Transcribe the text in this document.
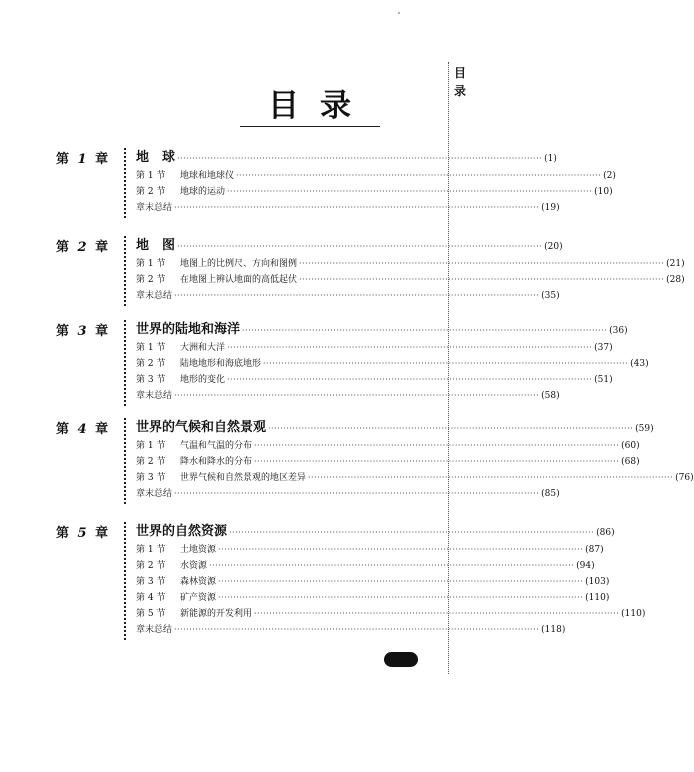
目
录
目 录
第 1 章 地　球 ························································································································ (1)
第 1 节	地球和地球仪 ························································································································ (2)
第 2 节	地球的运动 ························································································································ (10)
章末总结 ························································································································ (19)
第 2 章 地　图 ························································································································ (20)
第 1 节	地图上的比例尺、方向和图例 ························································································································ (21)
第 2 节	在地图上辨认地面的高低起伏 ························································································································ (28)
章末总结 ························································································································ (35)
第 3 章 世界的陆地和海洋 ························································································································ (36)
第 1 节	大洲和大洋 ························································································································ (37)
第 2 节	陆地地形和海底地形 ························································································································ (43)
第 3 节	地形的变化 ························································································································ (51)
章末总结 ························································································································ (58)
第 4 章 世界的气候和自然景观 ························································································································ (59)
第 1 节	气温和气温的分布 ························································································································ (60)
第 2 节	降水和降水的分布 ························································································································ (68)
第 3 节	世界气候和自然景观的地区差异 ························································································································ (76)
章末总结 ························································································································ (85)
第 5 章 世界的自然资源 ························································································································ (86)
第 1 节	土地资源 ························································································································ (87)
第 2 节	水资源 ························································································································ (94)
第 3 节	森林资源 ························································································································ (103)
第 4 节	矿产资源 ························································································································ (110)
第 5 节	新能源的开发利用 ························································································································ (110)
章末总结 ························································································································ (118)
